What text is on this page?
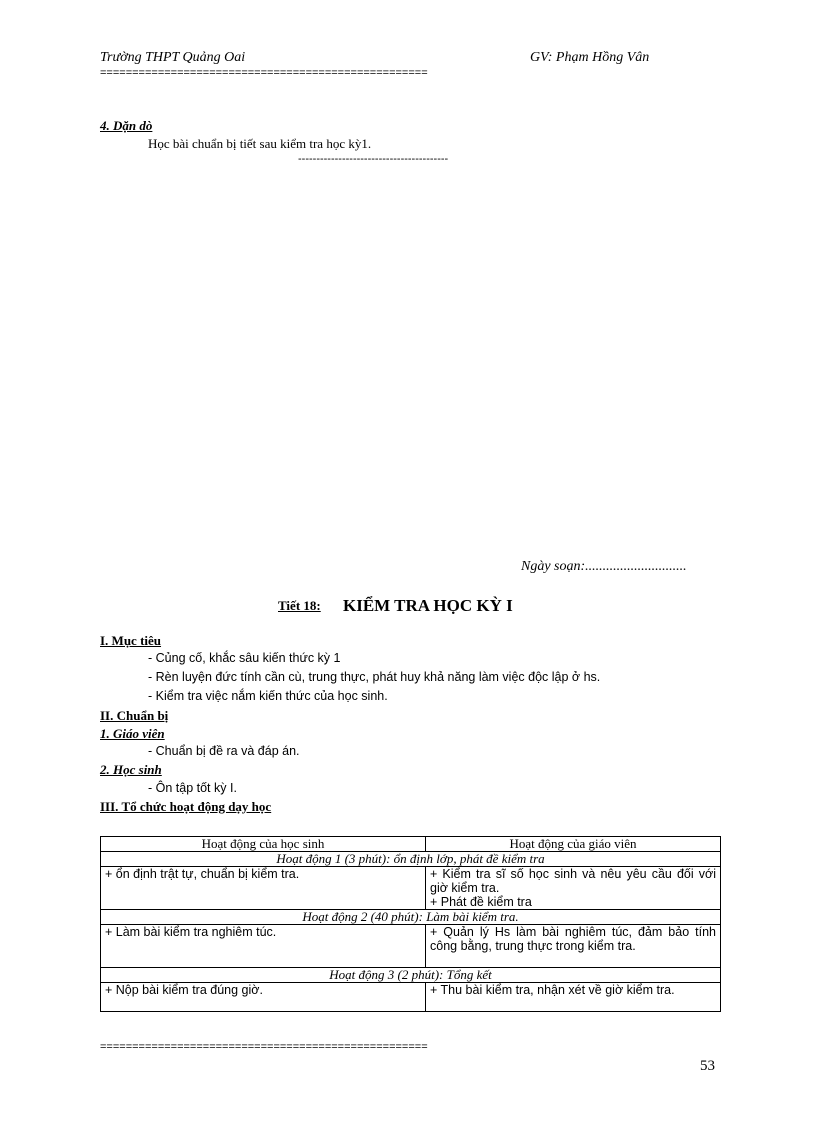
Trường THPT Quảng Oai	GV: Phạm Hồng Vân
===================================================
4. Dặn dò
Học bài chuẩn bị tiết sau kiểm tra học kỳ1.
-----------------------------------------
Ngày soạn:.............................
Tiết 18: KIỂM TRA HỌC KỲ I
I. Mục tiêu
- Củng cố, khắc sâu kiến thức kỳ 1
- Rèn luyện đức tính cần cù, trung thực, phát huy khả năng làm việc độc lập ở hs.
- Kiểm tra việc nắm kiến thức của học sinh.
II. Chuẩn bị
1. Giáo viên
- Chuẩn bị đề ra và đáp án.
2. Học sinh
- Ôn tập tốt kỳ I.
III. Tổ chức hoạt động dạy học
Hoạt động của học sinh	Hoạt động của giáo viên
Hoạt động 1 (3 phút): ổn định lớp, phát đề kiểm tra	
+ ổn định trật tự, chuẩn bị kiểm tra.	+ Kiểm tra sĩ số học sinh và nêu yêu cầu đối với giờ kiểm tra.
+ Phát đề kiểm tra

Hoạt động 2 (40 phút): Làm bài kiểm tra.	
+ Làm bài kiểm tra nghiêm túc.	+ Quản lý Hs làm bài nghiêm túc, đảm bảo tính công bằng, trung thực trong kiểm tra.
Hoạt động 3 (2 phút): Tổng kết	
+ Nộp bài kiểm tra đúng giờ.	+ Thu bài kiểm tra, nhận xét về giờ kiểm tra.
===================================================
53
